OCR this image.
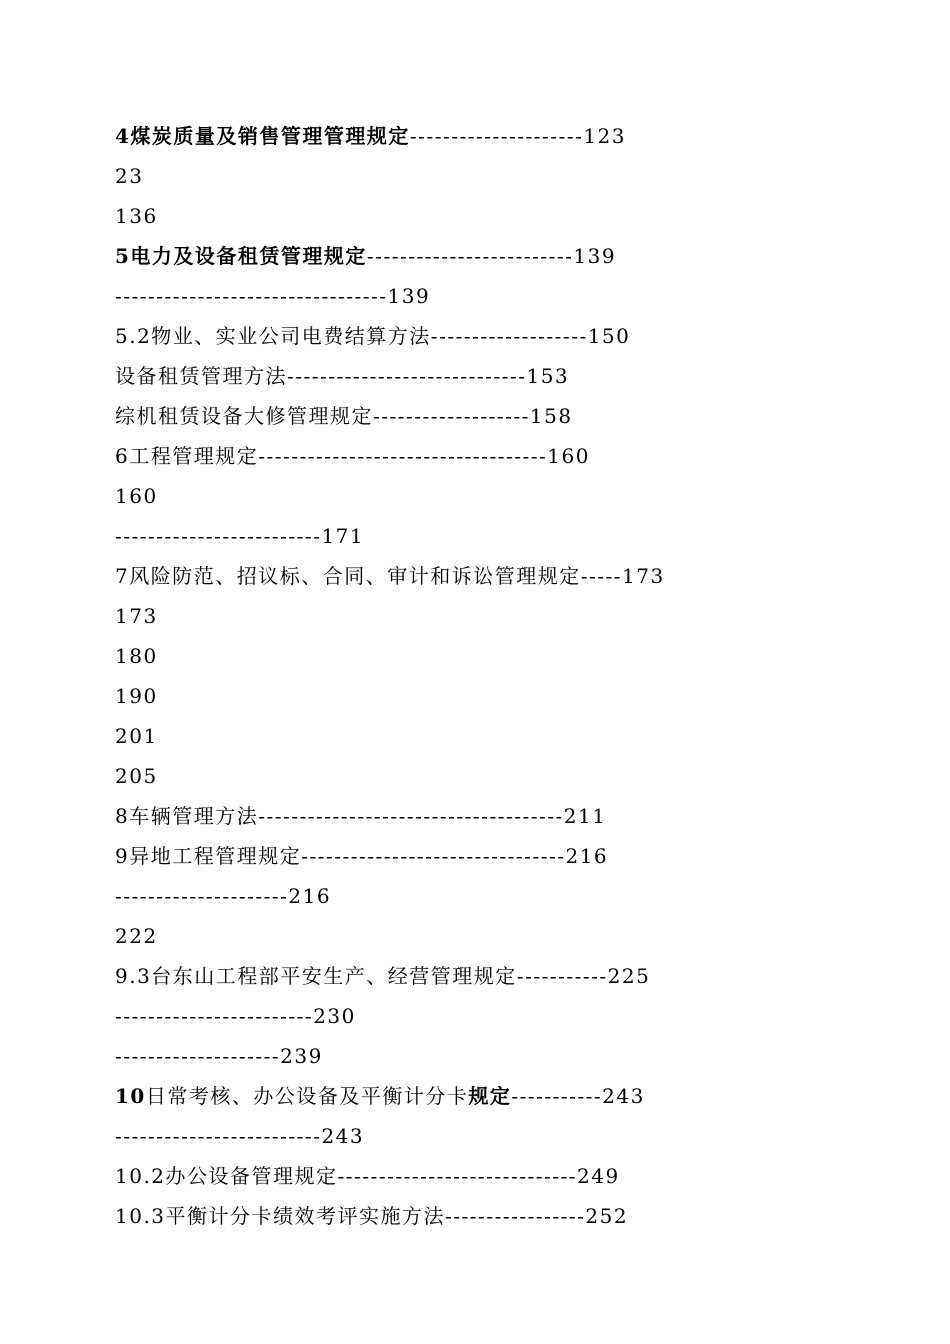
4煤炭质量及销售管理管理规定---------------------123
23
136
5电力及设备租赁管理规定-------------------------139
---------------------------------139
5.2物业、实业公司电费结算方法-------------------150
设备租赁管理方法-----------------------------153
综机租赁设备大修管理规定-------------------158
6工程管理规定-----------------------------------160
160
-------------------------171
7风险防范、招议标、合同、审计和诉讼管理规定-----173
173
180
190
201
205
8车辆管理方法-------------------------------------211
9异地工程管理规定--------------------------------216
---------------------216
222
9.3台东山工程部平安生产、经营管理规定-----------225
------------------------230
--------------------239
10日常考核、办公设备及平衡计分卡规定-----------243
-------------------------243
10.2办公设备管理规定-----------------------------249
10.3平衡计分卡绩效考评实施方法-----------------252
